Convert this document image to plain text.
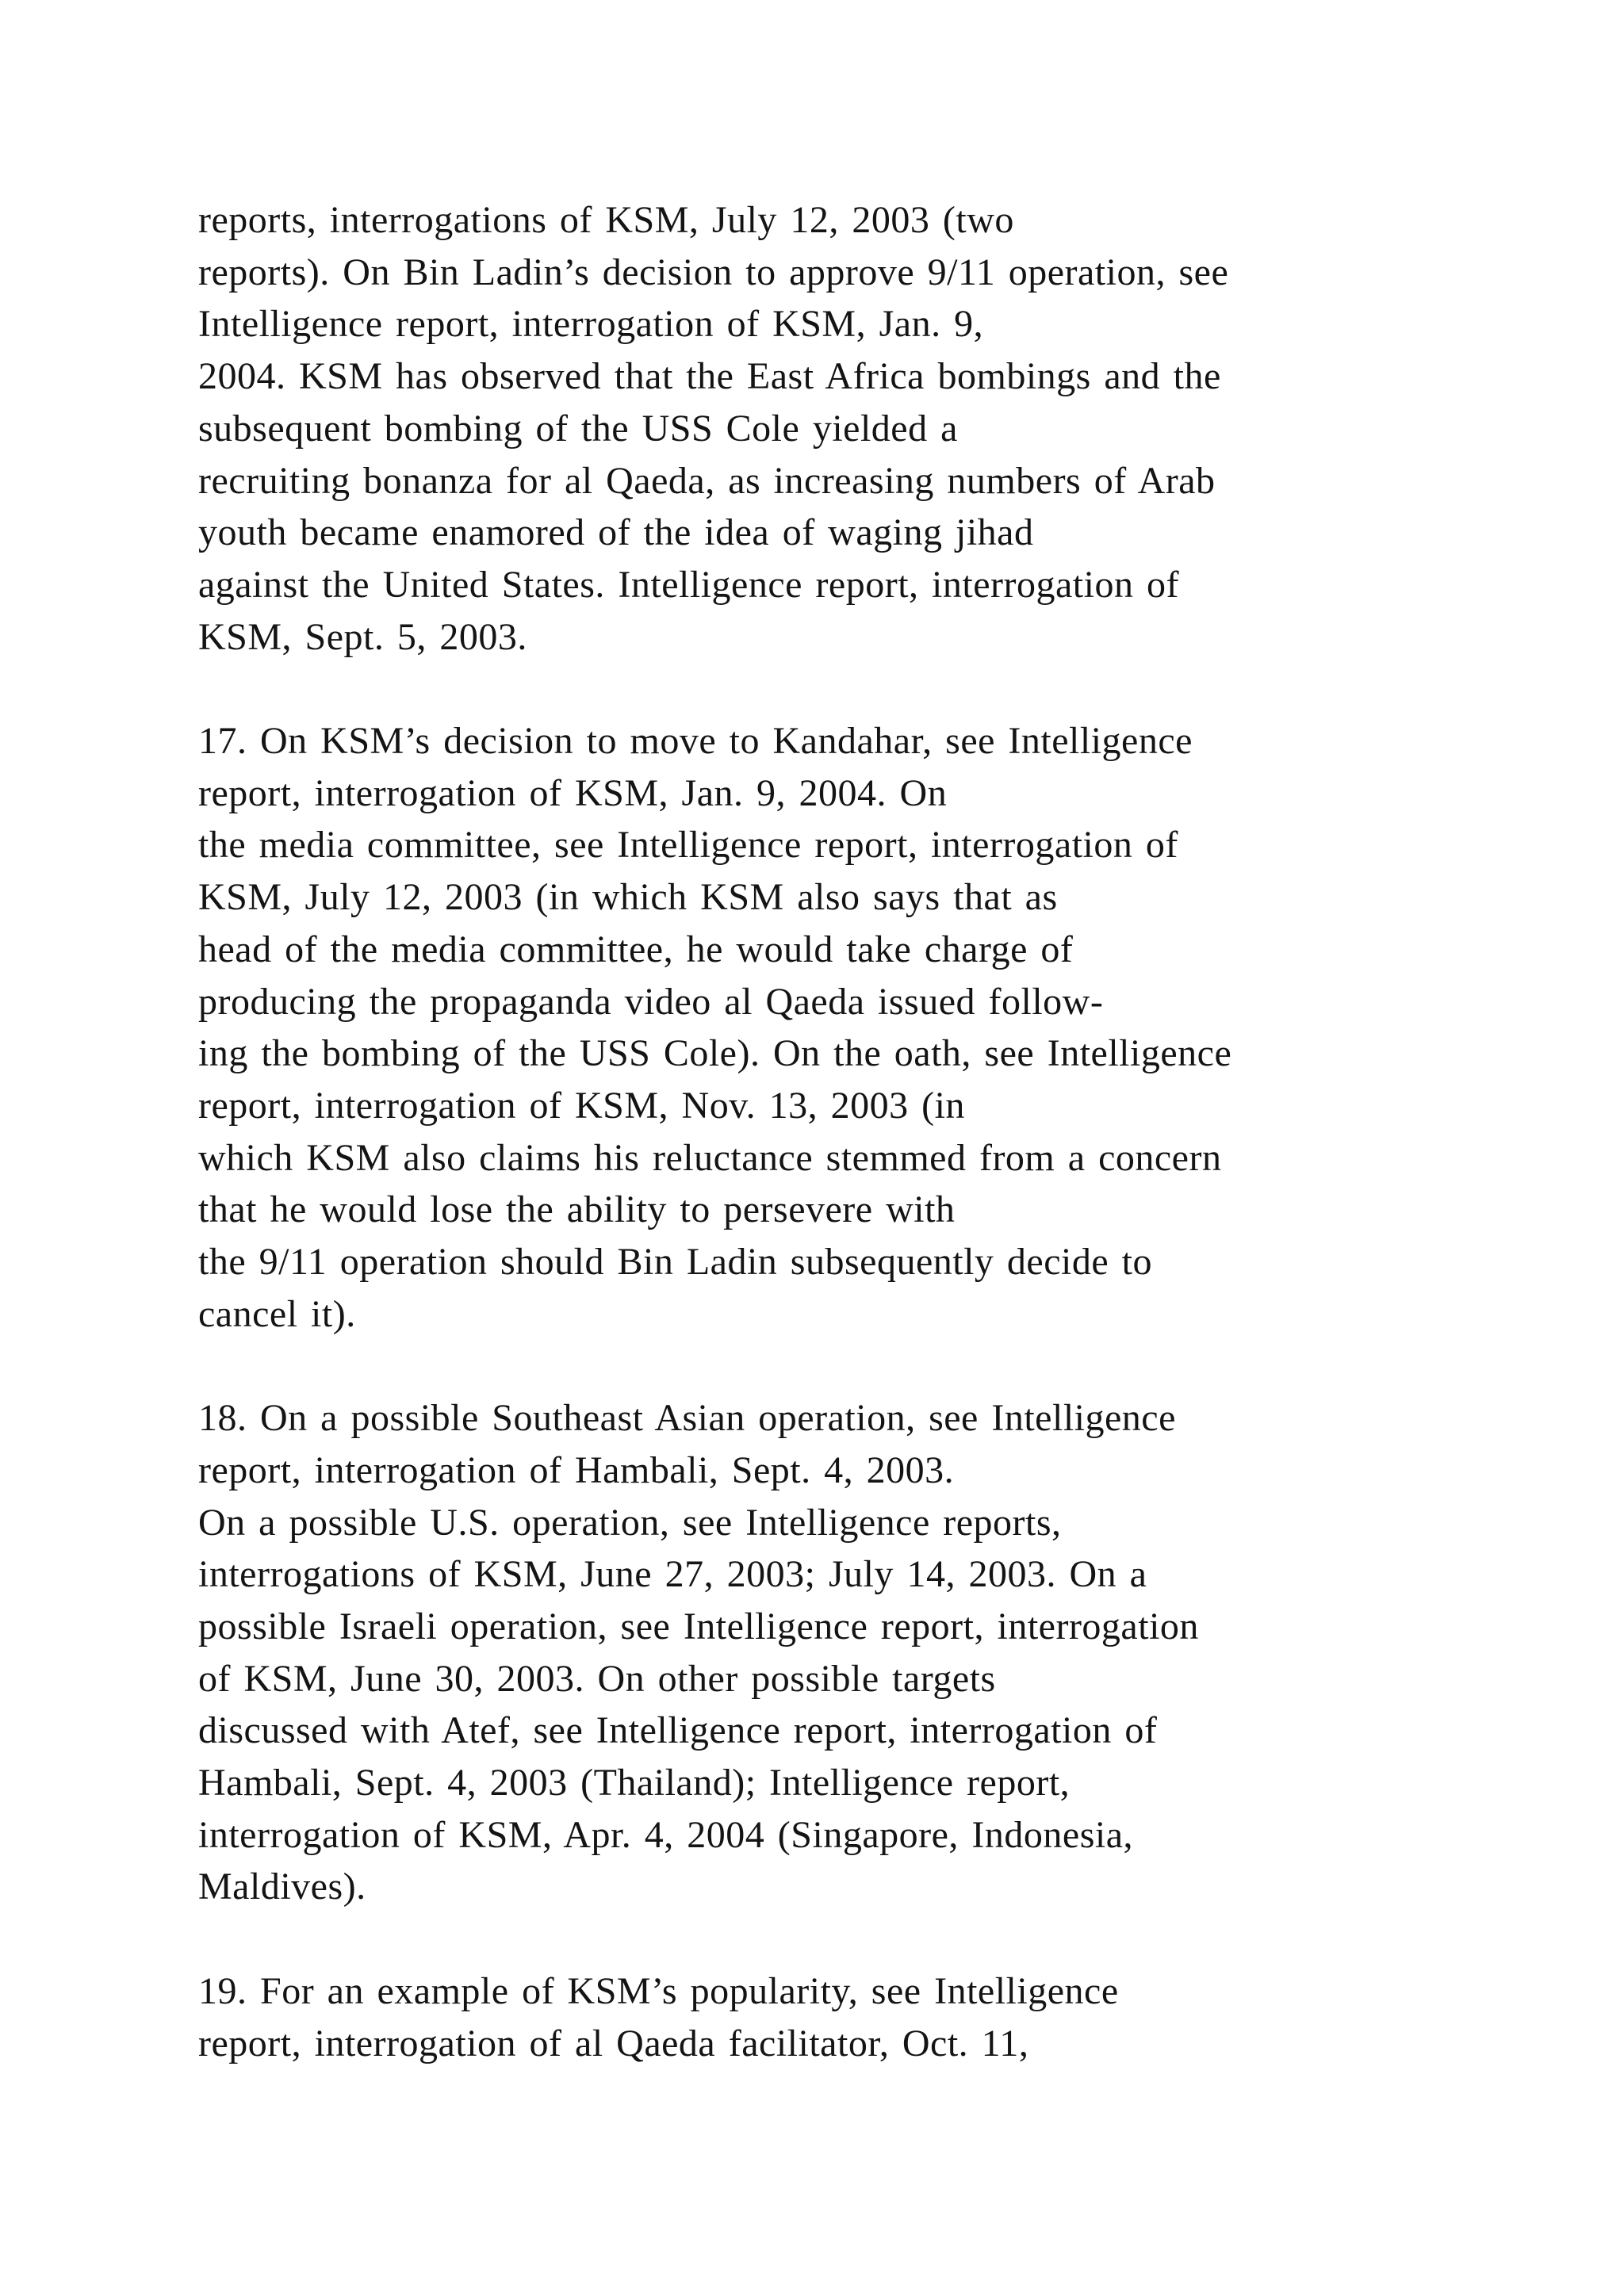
reports, interrogations of KSM, July 12, 2003 (two
reports). On Bin Ladin’s decision to approve 9/11 operation, see
Intelligence report, interrogation of KSM, Jan. 9,
2004. KSM has observed that the East Africa bombings and the
subsequent bombing of the USS Cole yielded a
recruiting bonanza for al Qaeda, as increasing numbers of Arab
youth became enamored of the idea of waging jihad
against the United States. Intelligence report, interrogation of
KSM, Sept. 5, 2003.

17. On KSM’s decision to move to Kandahar, see Intelligence
report, interrogation of KSM, Jan. 9, 2004. On
the media committee, see Intelligence report, interrogation of
KSM, July 12, 2003 (in which KSM also says that as
head of the media committee, he would take charge of
producing the propaganda video al Qaeda issued follow-
ing the bombing of the USS Cole). On the oath, see Intelligence
report, interrogation of KSM, Nov. 13, 2003 (in
which KSM also claims his reluctance stemmed from a concern
that he would lose the ability to persevere with
the 9/11 operation should Bin Ladin subsequently decide to
cancel it).

18. On a possible Southeast Asian operation, see Intelligence
report, interrogation of Hambali, Sept. 4, 2003.
On a possible U.S. operation, see Intelligence reports,
interrogations of KSM, June 27, 2003; July 14, 2003. On a
possible Israeli operation, see Intelligence report, interrogation
of KSM, June 30, 2003. On other possible targets
discussed with Atef, see Intelligence report, interrogation of
Hambali, Sept. 4, 2003 (Thailand); Intelligence report,
interrogation of KSM, Apr. 4, 2004 (Singapore, Indonesia,
Maldives).

19. For an example of KSM’s popularity, see Intelligence
report, interrogation of al Qaeda facilitator, Oct. 11,
